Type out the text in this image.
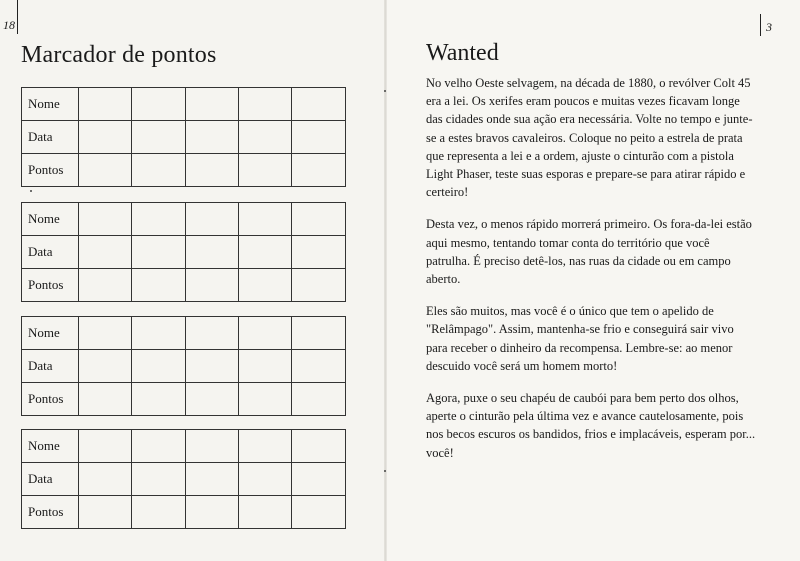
18
Marcador de pontos
Nome					
Data					
Pontos					
Nome					
Data					
Pontos					
Nome					
Data					
Pontos					
Nome					
Data					
Pontos					
3
Wanted

No velho Oeste selvagem, na década de 1880, o revólver Colt 45 era a lei. Os xerifes eram poucos e muitas vezes ficavam longe das cidades onde sua ação era necessária. Volte no tempo e junte-se a estes bravos cavaleiros. Coloque no peito a estrela de prata que representa a lei e a ordem, ajuste o cinturão com a pistola Light Phaser, teste suas esporas e prepare-se para atirar rápido e certeiro!

Desta vez, o menos rápido morrerá primeiro. Os fora-da-lei estão aqui mesmo, tentando tomar conta do território que você patrulha. É preciso detê-los, nas ruas da cidade ou em campo aberto.

Eles são muitos, mas você é o único que tem o apelido de "Relâmpago". Assim, mantenha-se frio e conseguirá sair vivo para receber o dinheiro da recompensa. Lembre-se: ao menor descuido você será um homem morto!

Agora, puxe o seu chapéu de caubói para bem perto dos olhos, aperte o cinturão pela última vez e avance cautelosamente, pois nos becos escuros os bandidos, frios e implacáveis, esperam por... você!
